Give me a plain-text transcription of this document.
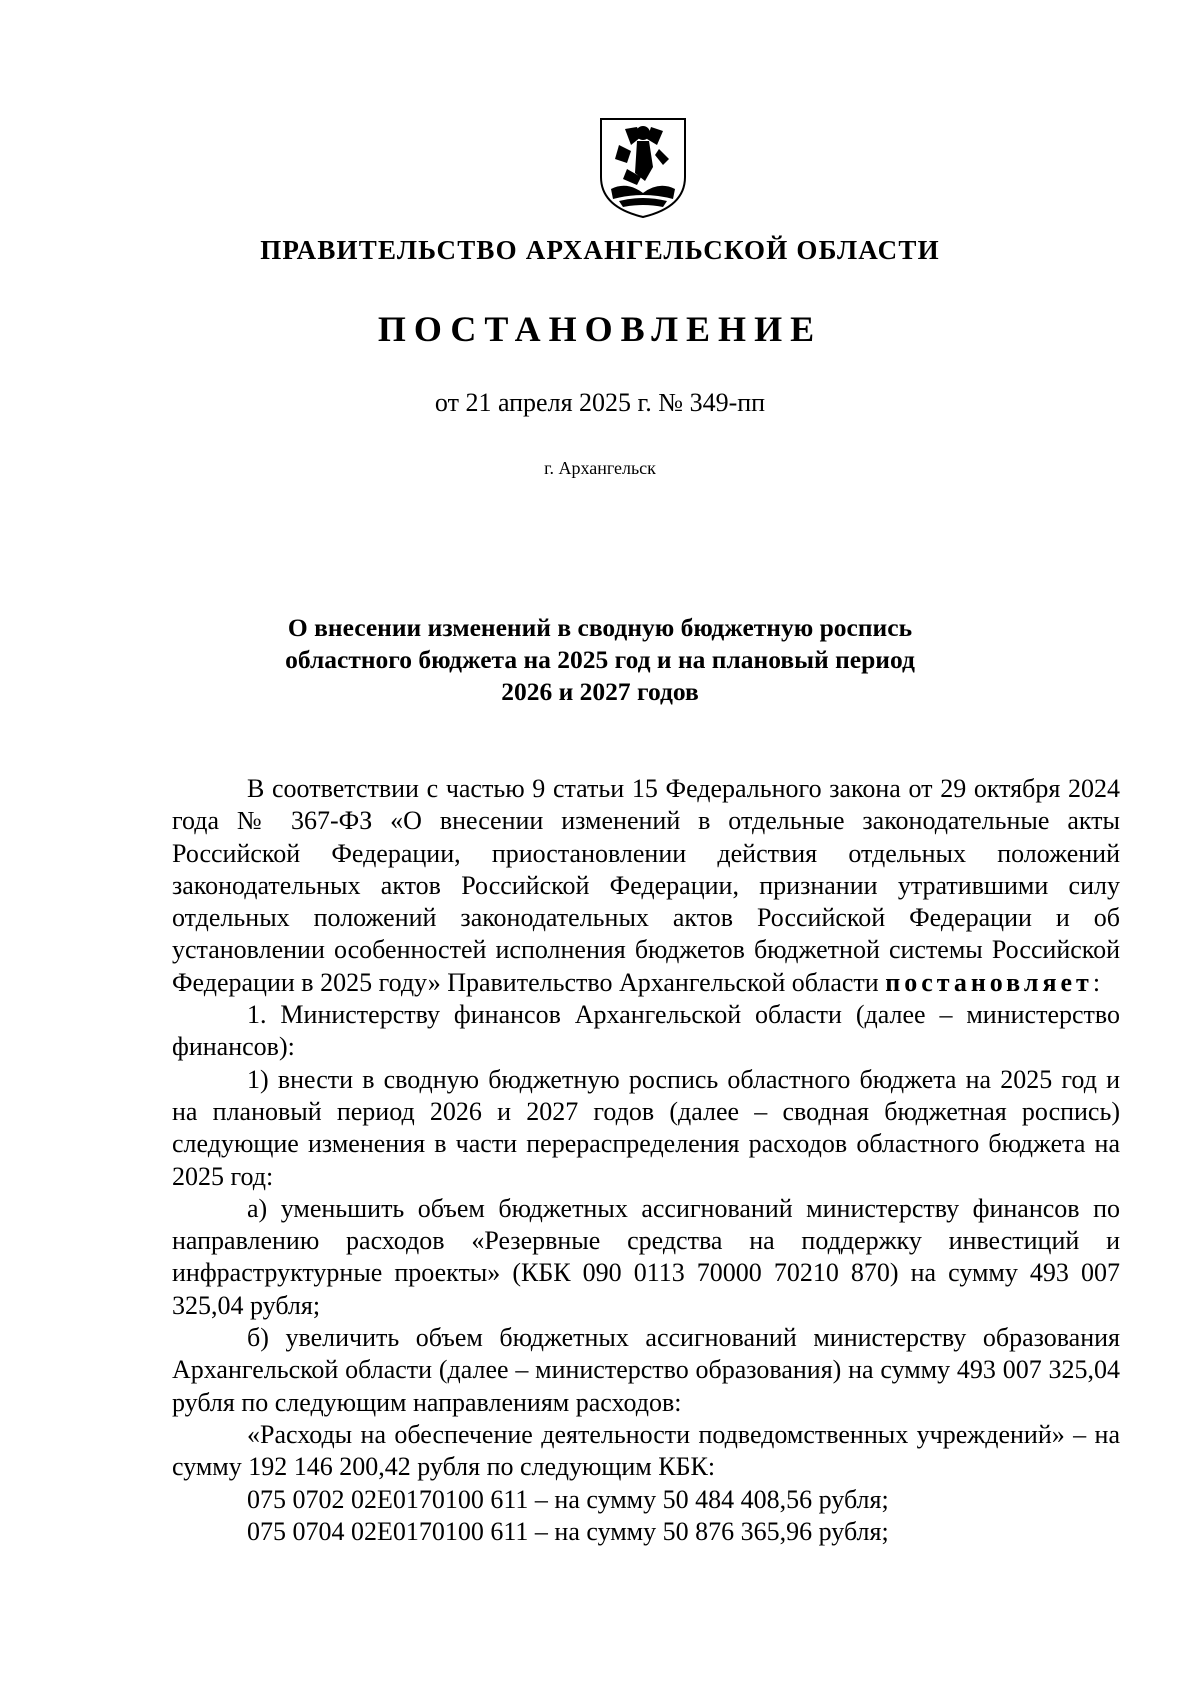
ПРАВИТЕЛЬСТВО АРХАНГЕЛЬСКОЙ ОБЛАСТИ
ПОСТАНОВЛЕНИЕ
от 21 апреля 2025 г. № 349-пп
г. Архангельск
О внесении изменений в сводную бюджетную роспись
областного бюджета на 2025 год и на плановый период
2026 и 2027 годов

В соответствии с частью 9 статьи 15 Федерального закона от 29 октября 2024 года № 367-ФЗ «О внесении изменений в отдельные законодательные акты Российской Федерации, приостановлении действия отдельных положений законодательных актов Российской Федерации, признании утратившими силу отдельных положений законодательных актов Российской Федерации и об установлении особенностей исполнения бюджетов бюджетной системы Российской Федерации в 2025 году» Правительство Архангельской области постановляет:

1. Министерству финансов Архангельской области (далее – министерство финансов):

1) внести в сводную бюджетную роспись областного бюджета на 2025 год и на плановый период 2026 и 2027 годов (далее – сводная бюджетная роспись) следующие изменения в части перераспределения расходов областного бюджета на 2025 год:

а) уменьшить объем бюджетных ассигнований министерству финансов по направлению расходов «Резервные средства на поддержку инвестиций и инфраструктурные проекты» (КБК 090 0113 70000 70210 870) на сумму 493 007 325,04 рубля;

б) увеличить объем бюджетных ассигнований министерству образования Архангельской области (далее – министерство образования) на сумму 493 007 325,04 рубля по следующим направлениям расходов:

«Расходы на обеспечение деятельности подведомственных учреждений» – на сумму 192 146 200,42 рубля по следующим КБК:

075 0702 02Е0170100 611 – на сумму 50 484 408,56 рубля;

075 0704 02Е0170100 611 – на сумму 50 876 365,96 рубля;
